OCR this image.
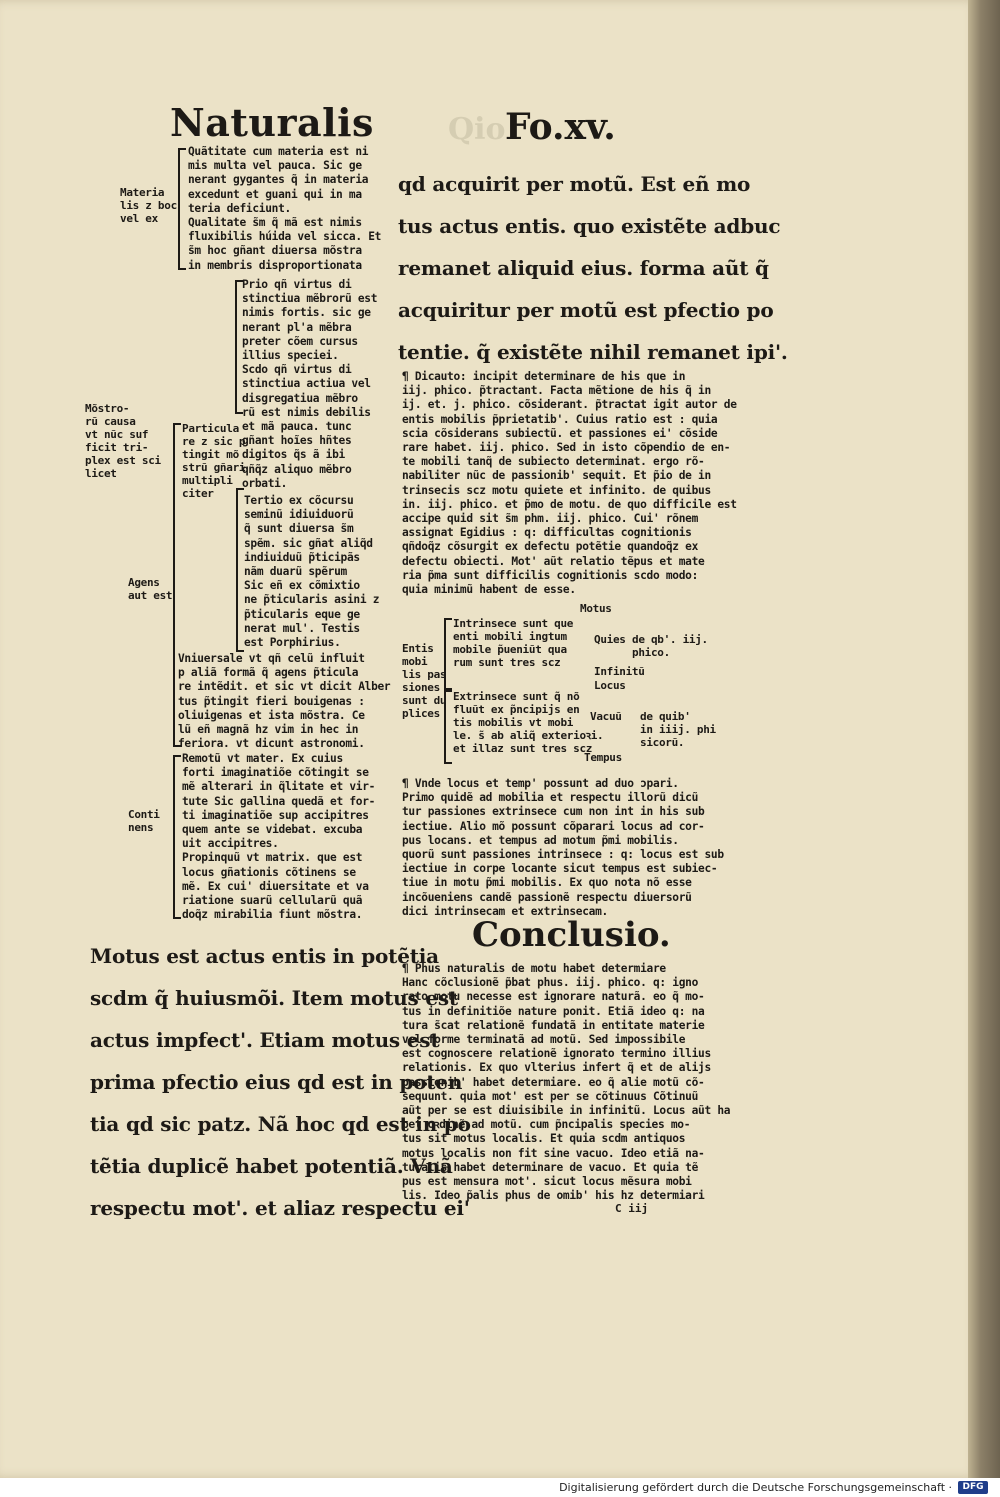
Qio
Naturalis	Fo.xv.
Materia
lis z boc
vel ex
Quãtitate cum materia est ni
mis multa vel pauca. Sic ge
nerant gygantes q̃ in materia
excedunt et guani qui in ma
teria deficiunt.
Qualitate s̃m q̃ mã est nimis
fluxibilis húida vel sicca. Et
s̃m hoc gñant diuersa mõstra
in membris disproportionata
Mõstro-
rũ causa
vt nũc suf
ficit tri-
plex est sci
licet
Particula
re z sic p
tingit mõ
strũ gñari
multipli
citer
Prio qñ virtus di
stinctiua mẽbrorũ est
nimis fortis. sic ge
nerant pl'a mẽbra
preter cõem cursus
illius speciei.
Scdo qñ virtus di
stinctiua actiua vel
disgregatiua mẽbro
rũ est nimis debilis
et mã pauca. tunc
gñant hoĩes hñtes
digitos q̃s ã ibi
qñq̃z aliquo mẽbro
orbati.
Agens
aut est
Tertio ex cõcursu
seminũ idiuiduorũ
q̃ sunt diuersa s̃m
spẽm. sic gñat aliq̃d
indiuiduũ p̃ticipãs
nãm duarũ spẽrum
Sic eñ ex cõmixtio
ne p̃ticularis asini z
p̃ticularis eque ge
nerat mul'. Testis
est Porphirius.
Vniuersale vt qñ celũ influit
p aliã formã q̃ agens p̃ticula
re intẽdit. et sic vt dicit Alber
tus p̃tingit fieri bouigenas :
oliuigenas et ista mõstra. Ce
lũ eñ magnã hz vim in hec in
feriora. vt dicunt astronomi.
Conti
nens
Remotũ vt mater. Ex cuius
forti imaginatiõe cõtingit se
mẽ alterari in q̃litate et vir-
tute Sic gallina quedã et for-
ti imaginatiõe sup accipitres
quem ante se videbat. excuba
uit accipitres.
Propinquũ vt matrix. que est
locus gñationis cõtinens se
mẽ. Ex cui' diuersitate et va
riatione suarũ cellularũ quã
doq̃z mirabilia fiunt mõstra.
Motus est actus entis in potẽtia
scdm q̃ huiusmõi. Item motus est
actus impfect'. Etiam motus est
prima pfectio eius qd est in poten
tia qd sic patz. Nã hoc qd est in po
tẽtia duplicẽ habet potentiã. Vnã
respectu mot'. et aliaz respectu ei'
qd acquirit per motũ. Est eñ mo
tus actus entis. quo existẽte adbuc
remanet aliquid eius. forma aũt q̃
acquiritur per motũ est pfectio po
tentie. q̃ existẽte nihil remanet ipi'.
¶ Dicauto: incipit determinare de his que in
iij. phico. p̃tractant. Facta mẽtione de his q̃ in
ij. et. j. phico. cõsiderant. p̃tractat igit autor de
entis mobilis p̃prietatib'. Cuius ratio est : quia
scia cõsiderans subiectũ. et passiones ei' cõside
rare habet. iij. phico. Sed in isto cõpendio de en-
te mobili tanq̃ de subiecto determinat. ergo rõ-
nabiliter nũc de passionib' sequit. Et p̃io de in
trinsecis scz motu quiete et infinito. de quibus
in. iij. phico. et p̃mo de motu. de quo difficile est
accipe quid sit s̃m phm. iij. phico. Cui' rõnem
assignat Egidius : q: difficultas cognitionis
qñdoq̃z cõsurgit ex defectu potẽtie quandoq̃z ex
defectu obiecti. Mot' aũt relatio tẽpus et mate
ria p̃ma sunt difficilis cognitionis scdo modo:
quia minimũ habent de esse.
Motus
Entis
mobi
lis pas
siones
sunt du
plices
Intrinsece sunt que
enti mobili ingtum
mobile p̃ueniũt qua
rum sunt tres scz
Extrinsece sunt q̃ nõ
fluũt ex p̃ncipijs en
tis mobilis vt mobi
le. s̃ ab aliq̃ exterioꝛi.
et illaz sunt tres scz
Quies
Infinitũ
Locus
Vacuũ
Tempus
de qb'. iij.
phico.
de quib'
in iiij. phi
sicorũ.
¶ Vnde locus et temp' possunt ad duo ɔpari.
Primo quidẽ ad mobilia et respectu illorũ dicũ
tur passiones extrinsece cum non int in his sub
iectiue. Alio mõ possunt cõparari locus ad cor-
pus locans. et tempus ad motum p̃mi mobilis.
quorũ sunt passiones intrinsece : q: locus est sub
iectiue in corpe locante sicut tempus est subiec-
tiue in motu p̃mi mobilis. Ex quo nota nõ esse
incõueniens candẽ passionẽ respectu diuersorũ
dici intrinsecam et extrinsecam.
Conclusio.
¶ Phus naturalis de motu habet determiare
Hanc cõclusionẽ p̃bat phus. iij. phico. q: igno
rato motu necesse est ignorare naturã. eo q̃ mo-
tus in definitiõe nature ponit. Etiã ideo q: na
tura s̃cat relationẽ fundatã in entitate materie
vel forme terminatã ad motũ. Sed impossibile
est cognoscere relationẽ ignorato termino illius
relationis. Ex quo vlterius infert q̃ et de alijs
passionib' habet determiare. eo q̃ alie motũ cõ-
sequunt. quia mot' est per se cõtinuus Cõtinuũ
aũt per se est diuisibile in infinitũ. Locus aũt ha
bet oꝛdinẽ ad motũ. cum p̃ncipalis species mo-
tus sit motus localis. Et quia scdm antiquos
motus localis non fit sine vacuo. Ideo etiã na-
turalis habet determinare de vacuo. Et quia tẽ
pus est mensura mot'. sicut locus mẽsura mobi
lis. Ideo p̃alis phus de omib' his hz determiari
C iij
Digitalisierung gefördert durch die Deutsche Forschungsgemeinschaft ·	DFG
